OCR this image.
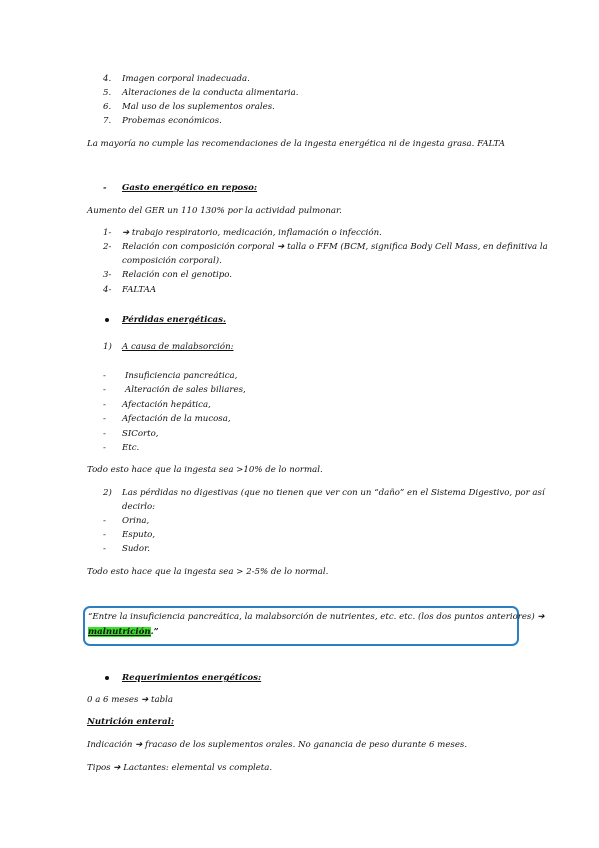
4. Imagen corporal inadecuada.
5. Alteraciones de la conducta alimentaria.
6. Mal uso de los suplementos orales.
7. Probemas económicos.
La mayoría no cumple las recomendaciones de la ingesta energética ni de ingesta grasa. FALTA
- Gasto energético en reposo:
Aumento del GER un 110 130% por la actividad pulmonar.
1- ➔ trabajo respiratorio, medicación, inflamación o infección.
2- Relación con composición corporal ➔ talla o FFM (BCM, significa Body Cell Mass, en definitiva la
composición corporal).
3- Relación con el genotipo.
4- FALTAA
Pérdidas energéticas.
1) A causa de malabsorción:
- Insuficiencia pancreática,
- Alteración de sales biliares,
- Afectación hepática,
- Afectación de la mucosa,
- SICorto,
- Etc.
Todo esto hace que la ingesta sea >10% de lo normal.
2) Las pérdidas no digestivas (que no tienen que ver con un “daño” en el Sistema Digestivo, por así
decirlo:
- Orina,
- Esputo,
- Sudor.
Todo esto hace que la ingesta sea > 2-5% de lo normal.
“Entre la insuficiencia pancreática, la malabsorción de nutrientes, etc. etc. (los dos puntos anteriores) ➔
malnutrición.”
Requerimientos energéticos:
0 a 6 meses ➔ tabla
Nutrición enteral:
Indicación ➔ fracaso de los suplementos orales. No ganancia de peso durante 6 meses.
Tipos ➔ Lactantes: elemental vs completa.
